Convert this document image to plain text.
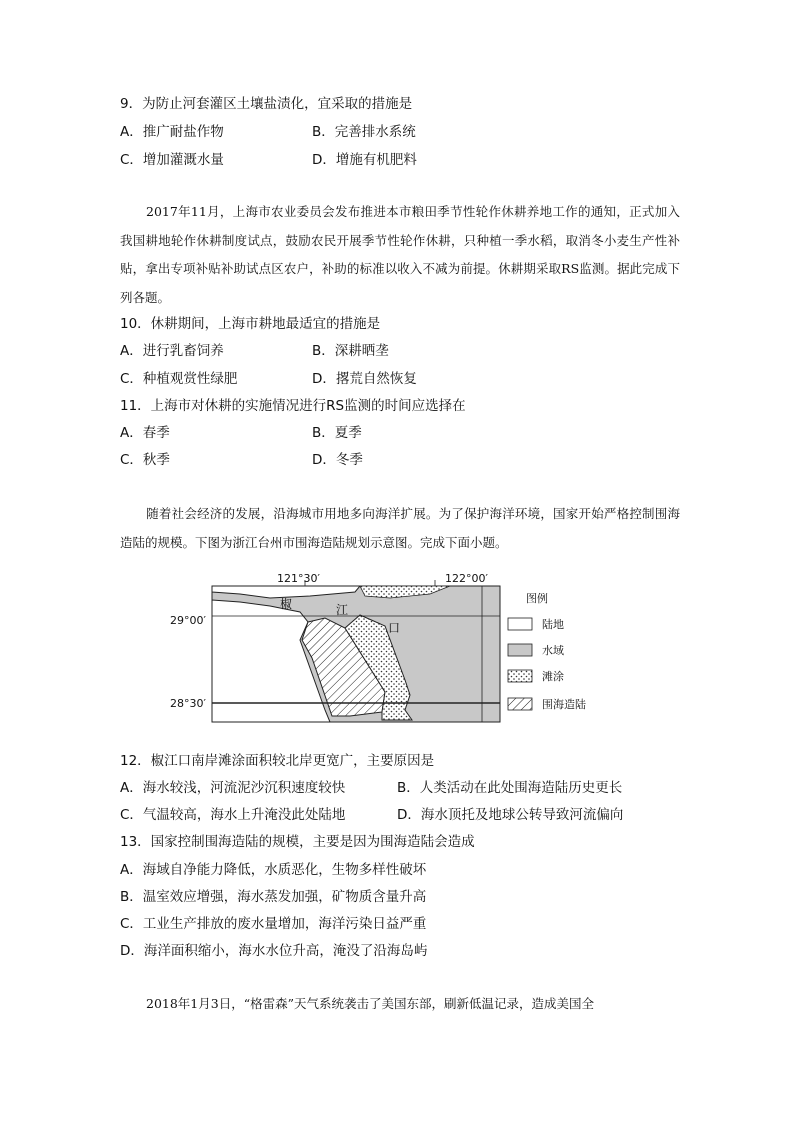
9．为防止河套灌区土壤盐渍化，宜采取的措施是
A．推广耐盐作物	B．完善排水系统
C．增加灌溉水量	D．增施有机肥料
2017年11月，上海市农业委员会发布推进本市粮田季节性轮作休耕养地工作的通知，正式加入我国耕地轮作休耕制度试点，鼓励农民开展季节性轮作休耕，只种植一季水稻，取消冬小麦生产性补贴，拿出专项补贴补助试点区农户，补助的标准以收入不减为前提。休耕期采取RS监测。据此完成下列各题。
10．休耕期间，上海市耕地最适宜的措施是
A．进行乳畜饲养	B．深耕晒垄
C．种植观赏性绿肥	D．撂荒自然恢复
11．上海市对休耕的实施情况进行RS监测的时间应选择在
A．春季	B．夏季
C．秋季	D．冬季
随着社会经济的发展，沿海城市用地多向海洋扩展。为了保护海洋环境，国家开始严格控制围海造陆的规模。下图为浙江台州市围海造陆规划示意图。完成下面小题。
121°30′	122°00′
29°00′
28°30′
椒	江
口
图例
陆地
水域
滩涂
围海造陆
12．椒江口南岸滩涂面积较北岸更宽广，主要原因是
A．海水较浅，河流泥沙沉积速度较快	B．人类活动在此处围海造陆历史更长
C．气温较高，海水上升淹没此处陆地	D．海水顶托及地球公转导致河流偏向
13．国家控制围海造陆的规模，主要是因为围海造陆会造成
A．海域自净能力降低，水质恶化，生物多样性破坏
B．温室效应增强，海水蒸发加强，矿物质含量升高
C．工业生产排放的废水量增加，海洋污染日益严重
D．海洋面积缩小，海水水位升高，淹没了沿海岛屿
2018年1月3日，“格雷森”天气系统袭击了美国东部，刷新低温记录，造成美国全
